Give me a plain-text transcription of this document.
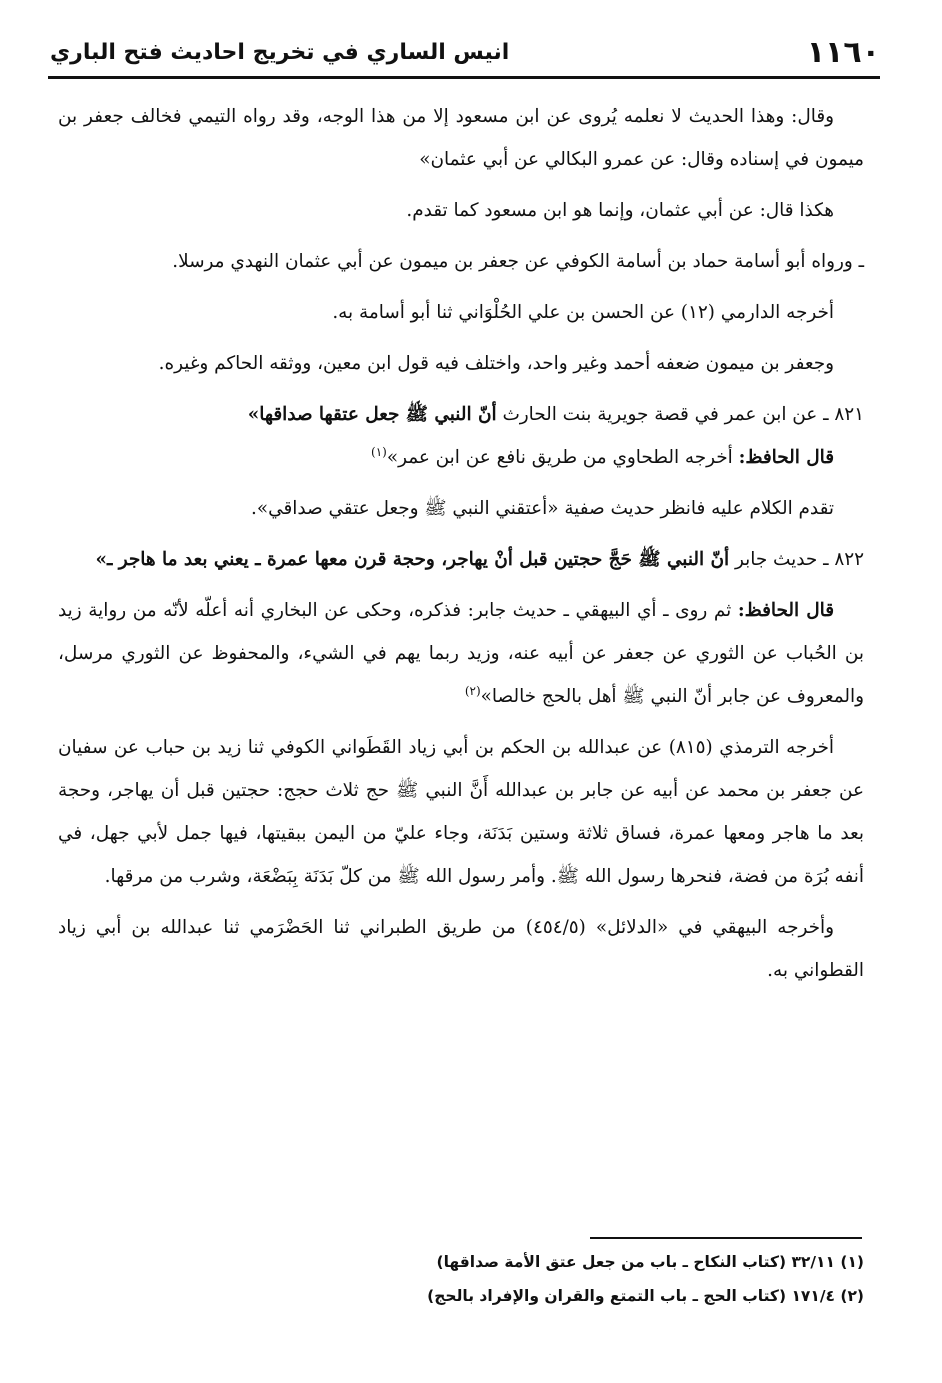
١١٦٠
انيس الساري في تخريج احاديث فتح الباري

وقال: وهذا الحديث لا نعلمه يُروى عن ابن مسعود إلا من هذا الوجه، وقد رواه التيمي فخالف جعفر بن ميمون في إسناده وقال: عن عمرو البكالي عن أبي عثمان»

هكذا قال: عن أبي عثمان، وإنما هو ابن مسعود كما تقدم.

ـ ورواه أبو أسامة حماد بن أسامة الكوفي عن جعفر بن ميمون عن أبي عثمان النهدي مرسلا.

أخرجه الدارمي (١٢) عن الحسن بن علي الحُلْوَاني ثنا أبو أسامة به.

وجعفر بن ميمون ضعفه أحمد وغير واحد، واختلف فيه قول ابن معين، ووثقه الحاكم وغيره.

٨٢١ ـ عن ابن عمر في قصة جويرية بنت الحارث أنّ النبي ﷺ جعل عتقها صداقها»

قال الحافظ: أخرجه الطحاوي من طريق نافع عن ابن عمر»$^{(١)}$

تقدم الكلام عليه فانظر حديث صفية «أعتقني النبي ﷺ وجعل عتقي صداقي».

٨٢٢ ـ حديث جابر أنّ النبي ﷺ حَجَّ حجتين قبل أنْ يهاجر، وحجة قرن معها عمرة ـ يعني بعد ما هاجر ـ»

قال الحافظ: ثم روى ـ أي البيهقي ـ حديث جابر: فذكره، وحكى عن البخاري أنه أعلّه لأنّه من رواية زيد بن الحُباب عن الثوري عن جعفر عن أبيه عنه، وزيد ربما يهم في الشيء، والمحفوظ عن الثوري مرسل، والمعروف عن جابر أنّ النبي ﷺ أهل بالحج خالصا»$^{(٢)}$

أخرجه الترمذي (٨١٥) عن عبدالله بن الحكم بن أبي زياد القَطَواني الكوفي ثنا زيد بن حباب عن سفيان عن جعفر بن محمد عن أبيه عن جابر بن عبدالله أَنَّ النبي ﷺ حج ثلاث حجج: حجتين قبل أن يهاجر، وحجة بعد ما هاجر ومعها عمرة، فساق ثلاثة وستين بَدَنَة، وجاء عليّ من اليمن ببقيتها، فيها جمل لأبي جهل، في أنفه بُرَة من فضة، فنحرها رسول الله ﷺ. وأمر رسول الله ﷺ من كلّ بَدَنَة بِبَضْعَة، وشرب من مرقها.

وأخرجه البيهقي في «الدلائل» (٤٥٤/٥) من طريق الطبراني ثنا الحَضْرَمي ثنا عبدالله بن أبي زياد القطواني به.

(١) ٣٢/١١ (كتاب النكاح ـ باب من جعل عتق الأمة صداقها)

(٢) ١٧١/٤ (كتاب الحج ـ باب التمتع والقران والإفراد بالحج)
